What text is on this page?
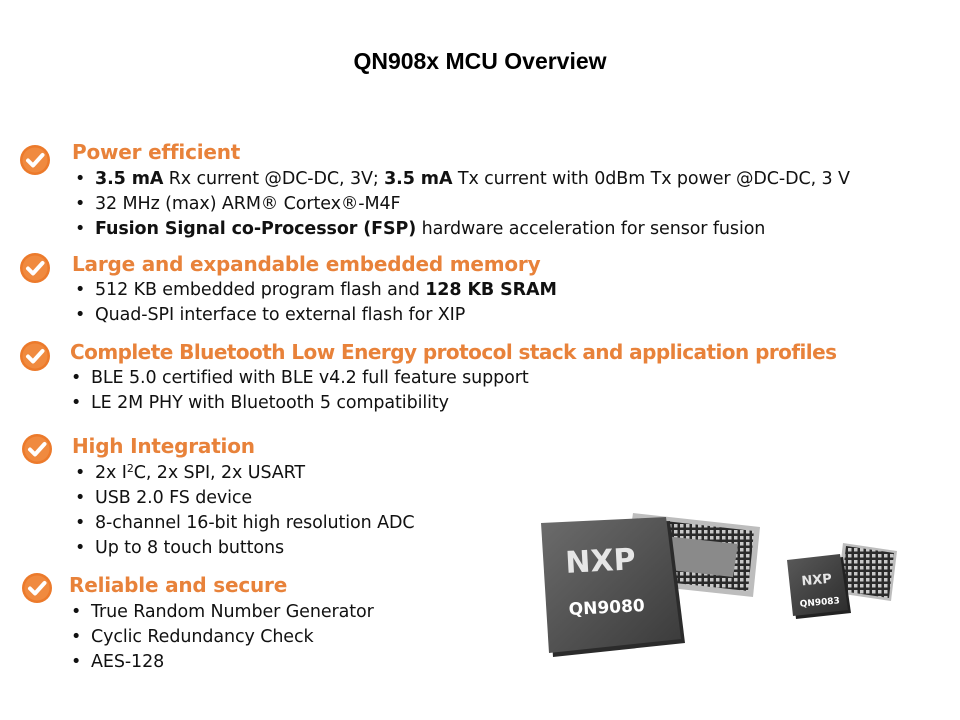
QN908x MCU Overview
Power efficient
• 3.5 mA Rx current @DC-DC, 3V; 3.5 mA Tx current with 0dBm Tx power @DC-DC, 3 V
• 32 MHz (max) ARM® Cortex®-M4F
• Fusion Signal co-Processor (FSP) hardware acceleration for sensor fusion
Large and expandable embedded memory
• 512 KB embedded program flash and 128 KB SRAM
• Quad-SPI interface to external flash for XIP
Complete Bluetooth Low Energy protocol stack and application profiles
• BLE 5.0 certified with BLE v4.2 full feature support
• LE 2M PHY with Bluetooth 5 compatibility
High Integration
• 2x $I^2C$, 2x SPI, 2x USART
• USB 2.0 FS device
• 8-channel 16-bit high resolution ADC
• Up to 8 touch buttons
Reliable and secure
• True Random Number Generator
• Cyclic Redundancy Check
• AES-128
NXP
QN9080
NXP
QN9083
